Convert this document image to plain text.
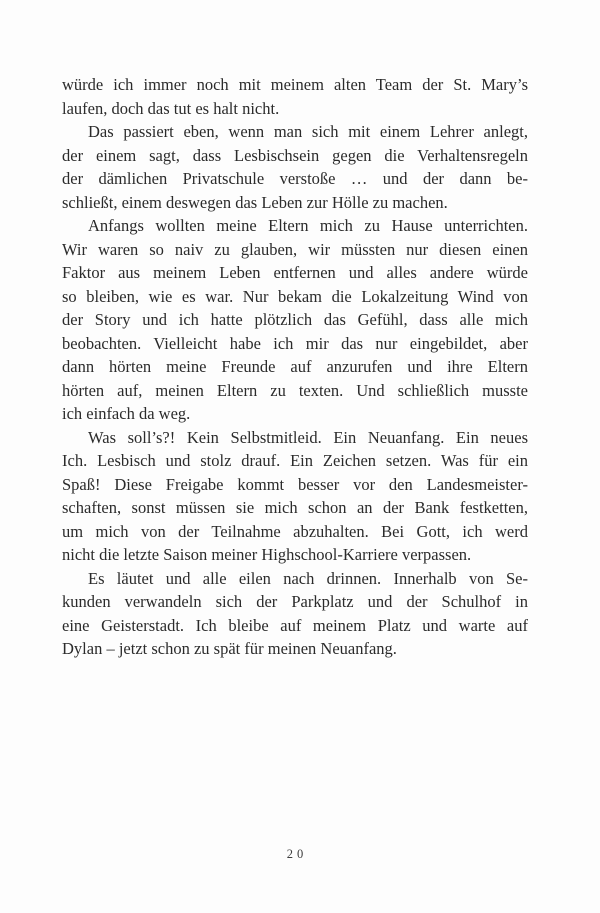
würde ich immer noch mit meinem alten Team der St. Mary’s
laufen, doch das tut es halt nicht.
Das passiert eben, wenn man sich mit einem Lehrer anlegt,
der einem sagt, dass Lesbischsein gegen die Verhaltensregeln
der dämlichen Privatschule verstoße … und der dann be-
schließt, einem deswegen das Leben zur Hölle zu machen.
Anfangs wollten meine Eltern mich zu Hause unterrichten.
Wir waren so naiv zu glauben, wir müssten nur diesen einen
Faktor aus meinem Leben entfernen und alles andere würde
so bleiben, wie es war. Nur bekam die Lokalzeitung Wind von
der Story und ich hatte plötzlich das Gefühl, dass alle mich
beobachten. Vielleicht habe ich mir das nur eingebildet, aber
dann hörten meine Freunde auf anzurufen und ihre Eltern
hörten auf, meinen Eltern zu texten. Und schließlich musste
ich einfach da weg.
Was soll’s?! Kein Selbstmitleid. Ein Neuanfang. Ein neues
Ich. Lesbisch und stolz drauf. Ein Zeichen setzen. Was für ein
Spaß! Diese Freigabe kommt besser vor den Landesmeister-
schaften, sonst müssen sie mich schon an der Bank festketten,
um mich von der Teilnahme abzuhalten. Bei Gott, ich werd
nicht die letzte Saison meiner Highschool-Karriere verpassen.
Es läutet und alle eilen nach drinnen. Innerhalb von Se-
kunden verwandeln sich der Parkplatz und der Schulhof in
eine Geisterstadt. Ich bleibe auf meinem Platz und warte auf
Dylan – jetzt schon zu spät für meinen Neuanfang.
20
